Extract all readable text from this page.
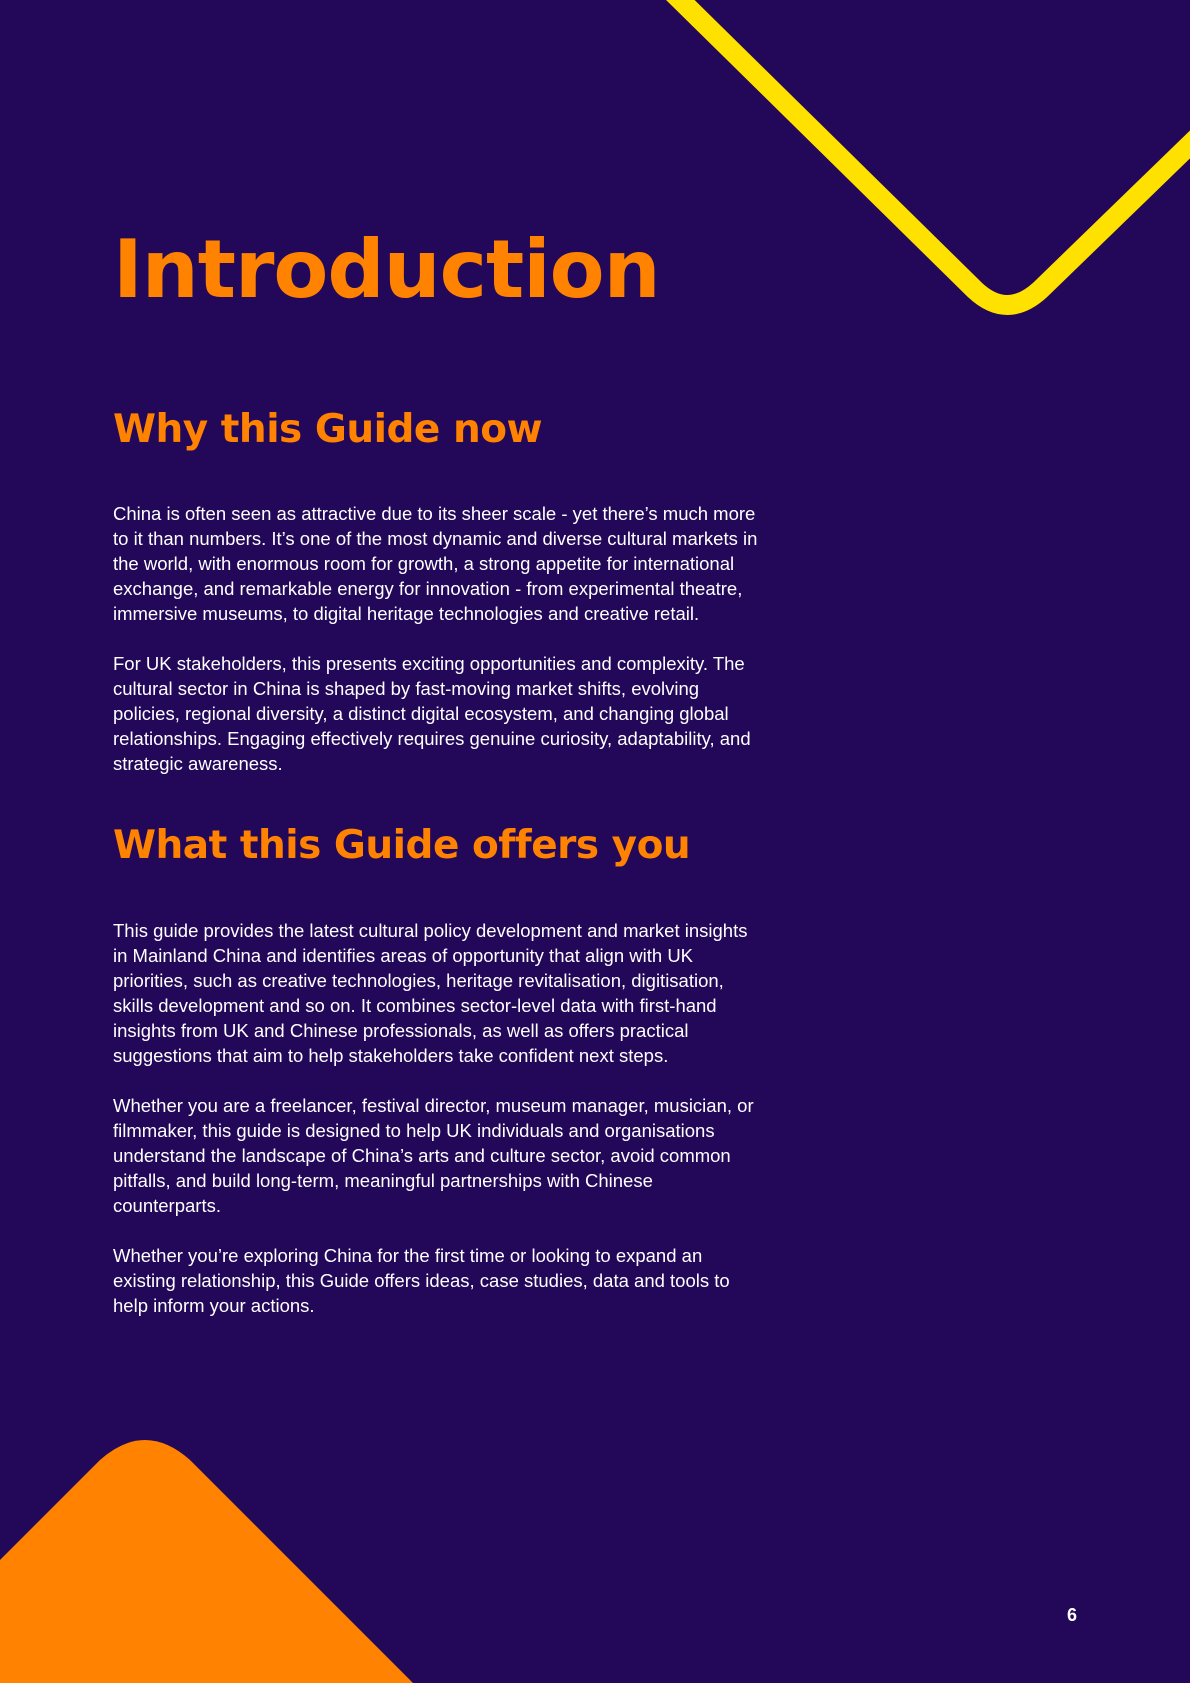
Introduction
Why this Guide now

China is often seen as attractive due to its sheer scale - yet there’s much more to it than numbers. It’s one of the most dynamic and diverse cultural markets in the world, with enormous room for growth, a strong appetite for international exchange, and remarkable energy for innovation - from experimental theatre, immersive museums, to digital heritage technologies and creative retail.

For UK stakeholders, this presents exciting opportunities and complexity. The cultural sector in China is shaped by fast-moving market shifts, evolving policies, regional diversity, a distinct digital ecosystem, and changing global relationships. Engaging effectively requires genuine curiosity, adaptability, and strategic awareness.

What this Guide offers you

This guide provides the latest cultural policy development and market insights in Mainland China and identifies areas of opportunity that align with UK priorities, such as creative technologies, heritage revitalisation, digitisation, skills development and so on. It combines sector-level data with first-hand insights from UK and Chinese professionals, as well as offers practical suggestions that aim to help stakeholders take confident next steps.

Whether you are a freelancer, festival director, museum manager, musician, or filmmaker, this guide is designed to help UK individuals and organisations understand the landscape of China’s arts and culture sector, avoid common pitfalls, and build long-term, meaningful partnerships with Chinese counterparts.

Whether you’re exploring China for the first time or looking to expand an existing relationship, this Guide offers ideas, case studies, data and tools to help inform your actions.

6
